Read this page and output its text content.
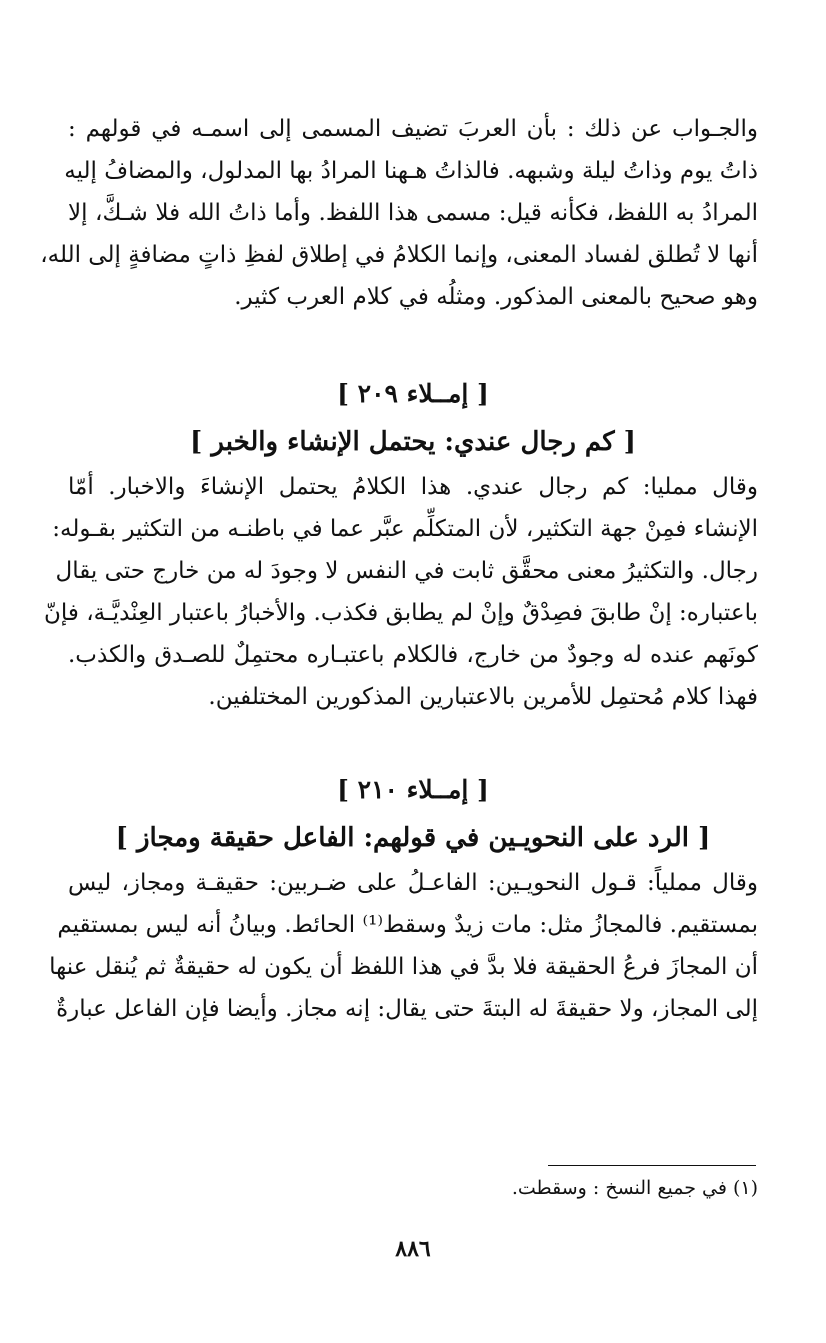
والجـواب عن ذلك : بأن العربَ تضيف المسمى إلى اسمـه في قولهم :
ذاتُ يوم وذاتُ ليلة وشبهه. فالذاتُ هـهنا المرادُ بها المدلول، والمضافُ إليه
المرادُ به اللفظ، فكأنه قيل: مسمى هذا اللفظ. وأما ذاتُ الله فلا شـكَّ، إلا
أنها لا تُطلق لفساد المعنى، وإنما الكلامُ في إطلاق لفظِ ذاتٍ مضافةٍ إلى الله،
وهو صحيح بالمعنى المذكور. ومثلُه في كلام العرب كثير.

[ إمــلاء ٢٠٩ ]

[ كم رجال عندي: يحتمل الإنشاء والخبر ]

وقال ممليا: كم رجال عندي. هذا الكلامُ يحتمل الإنشاءَ والاخبار. أمّا
الإنشاء فمِنْ جهة التكثير، لأن المتكلِّم عبَّر عما في باطنـه من التكثير بقـوله:
رجال. والتكثيرُ معنى محقَّق ثابت في النفس لا وجودَ له من خارج حتى يقال
باعتباره: إنْ طابقَ فصِدْقٌ وإنْ لم يطابق فكذب. والأخبارُ باعتبار العِنْديَّـة، فإنّ
كونَهم عنده له وجودٌ من خارج، فالكلام باعتبـاره محتمِلٌ للصـدق والكذب.
فهذا كلام مُحتمِل للأمرين بالاعتبارين المذكورين المختلفين.

[ إمــلاء ٢١٠ ]

[ الرد على النحويـين في قولهم: الفاعل حقيقة ومجاز ]

وقال مملياً: قـول النحويـين: الفاعـلُ على ضـربين: حقيقـة ومجاز، ليس
بمستقيم. فالمجازُ مثل: مات زيدٌ وسقط⁽¹⁾ الحائط. وبيانُ أنه ليس بمستقيم
أن المجازَ فرعُ الحقيقة فلا بدَّ في هذا اللفظ أن يكون له حقيقةٌ ثم يُنقل عنها
إلى المجاز، ولا حقيقةَ له البتةَ حتى يقال: إنه مجاز. وأيضا فإن الفاعل عبارةٌ

(١) في جميع النسخ : وسقطت.
٨٨٦
